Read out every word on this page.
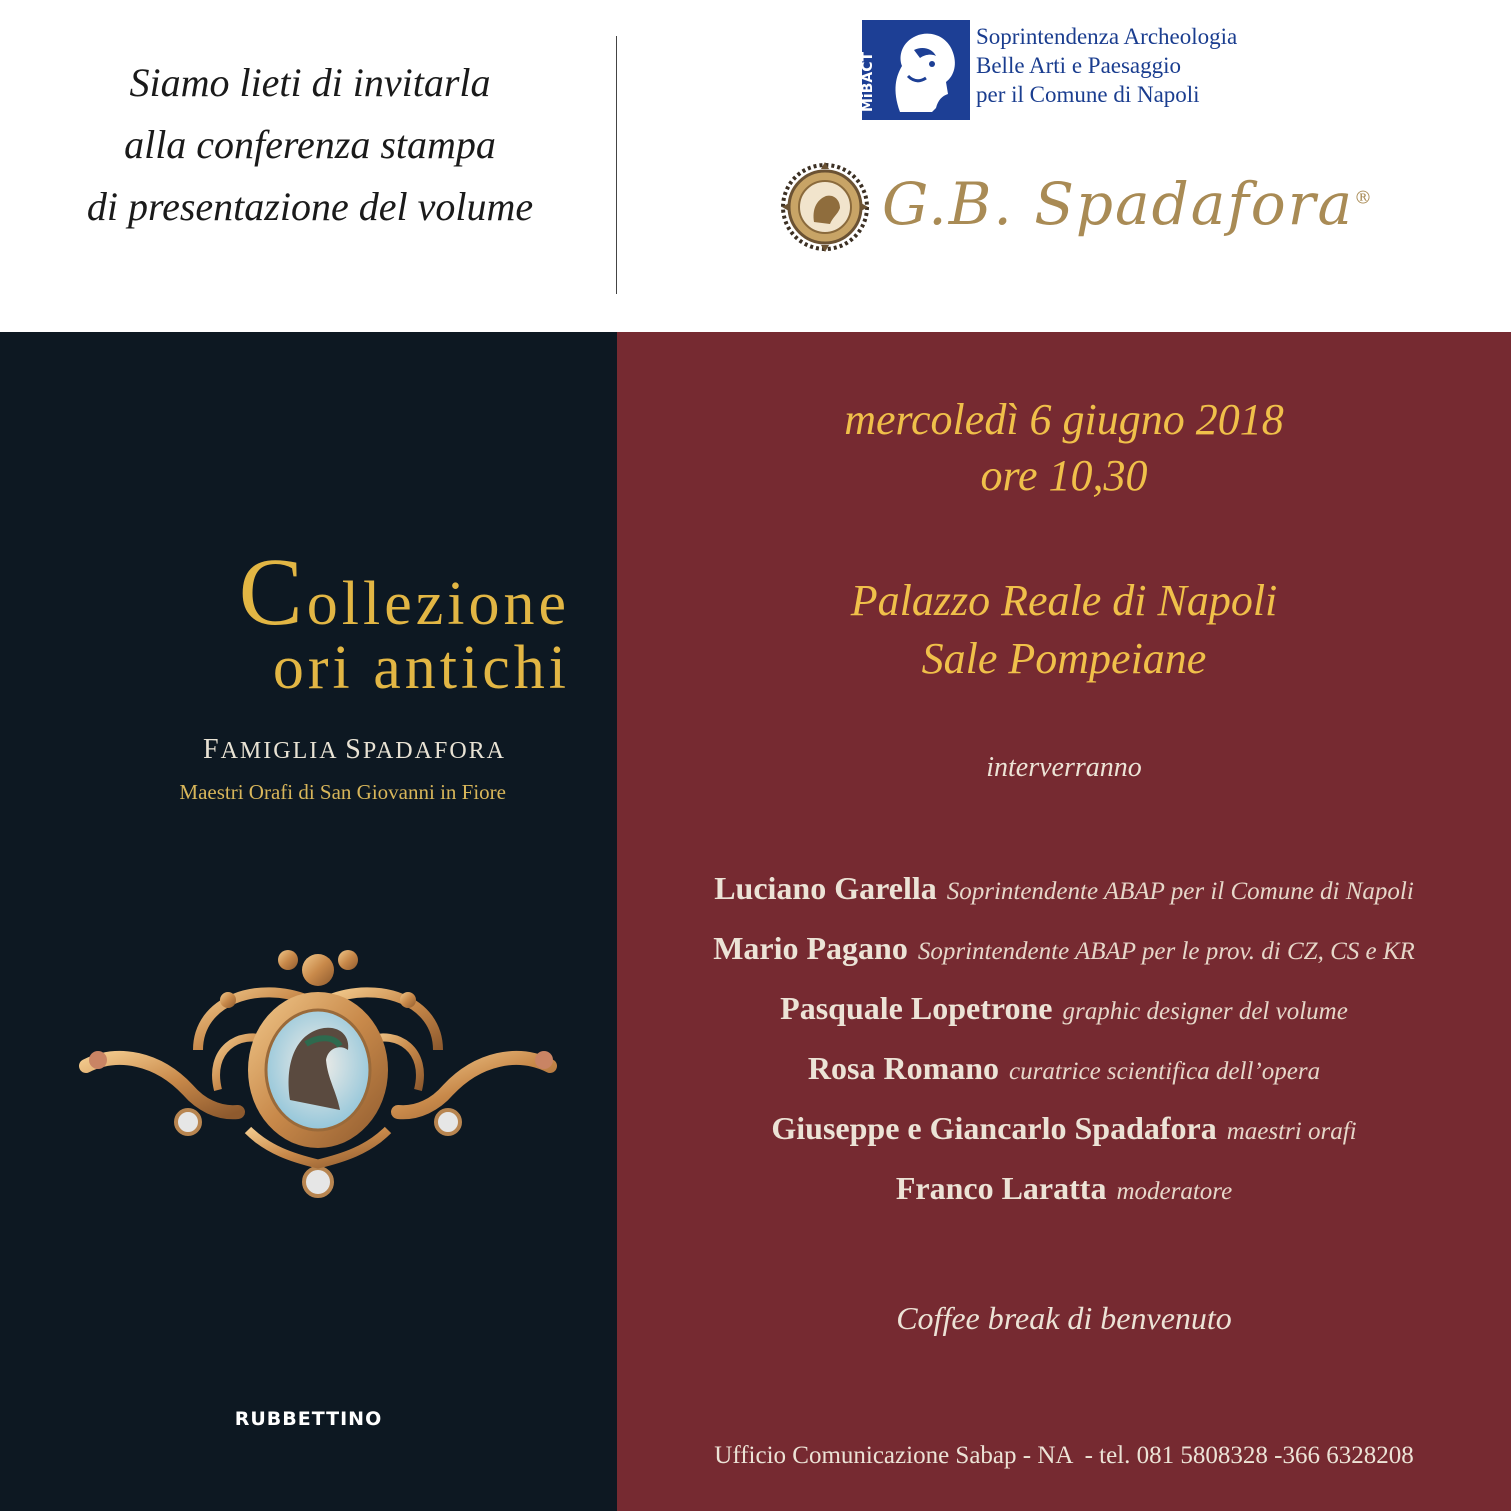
Siamo lieti di invitarla
alla conferenza stampa
di presentazione del volume
MiBACT
Soprintendenza Archeologia
Belle Arti e Paesaggio
per il Comune di Napoli
G.B. Spadafora®
Collezione
ori antichi
FAMIGLIA SPADAFORA
Maestri Orafi di San Giovanni in Fiore
RUBBETTINO
mercoledì 6 giugno 2018
ore 10,30
Palazzo Reale di Napoli
Sale Pompeiane
interverranno
Luciano Garella Soprintendente ABAP per il Comune di Napoli
Mario Pagano Soprintendente ABAP per le prov. di CZ, CS e KR
Pasquale Lopetrone graphic designer del volume
Rosa Romano curatrice scientifica dell’opera
Giuseppe e Giancarlo Spadafora maestri orafi
Franco Laratta moderatore
Coffee break di benvenuto
Ufficio Comunicazione Sabap - NA  - tel. 081 5808328 -366 6328208
